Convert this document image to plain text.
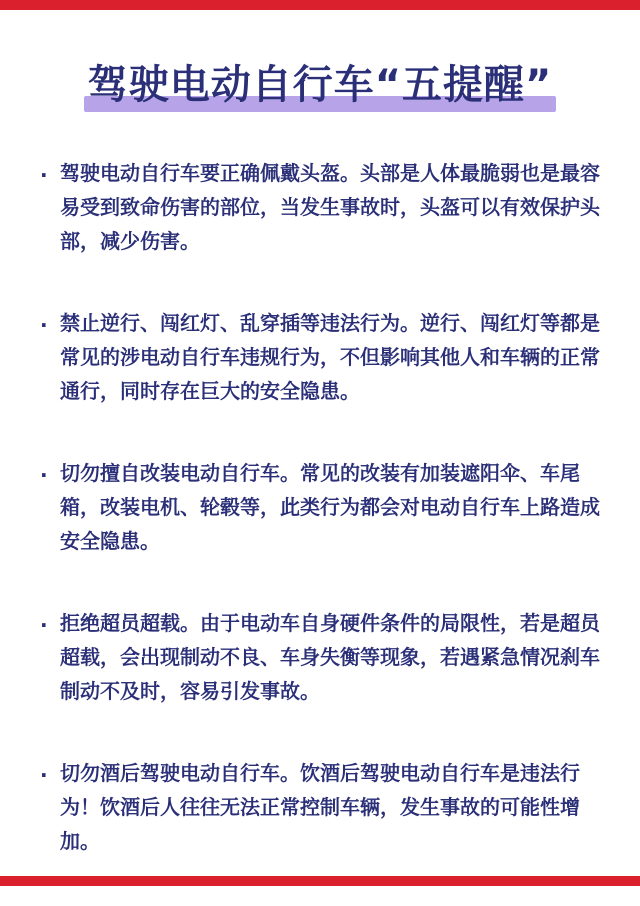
驾驶电动自行车“五提醒”
· 驾驶电动自行车要正确佩戴头盔。头部是人体最脆弱也是最容易受到致命伤害的部位，当发生事故时，头盔可以有效保护头部，减少伤害。

· 禁止逆行、闯红灯、乱穿插等违法行为。逆行、闯红灯等都是常见的涉电动自行车违规行为，不但影响其他人和车辆的正常通行，同时存在巨大的安全隐患。

· 切勿擅自改装电动自行车。常见的改装有加装遮阳伞、车尾箱，改装电机、轮毂等，此类行为都会对电动自行车上路造成安全隐患。

· 拒绝超员超载。由于电动车自身硬件条件的局限性，若是超员超载，会出现制动不良、车身失衡等现象，若遇紧急情况刹车制动不及时，容易引发事故。

· 切勿酒后驾驶电动自行车。饮酒后驾驶电动自行车是违法行为！饮酒后人往往无法正常控制车辆，发生事故的可能性增加。
